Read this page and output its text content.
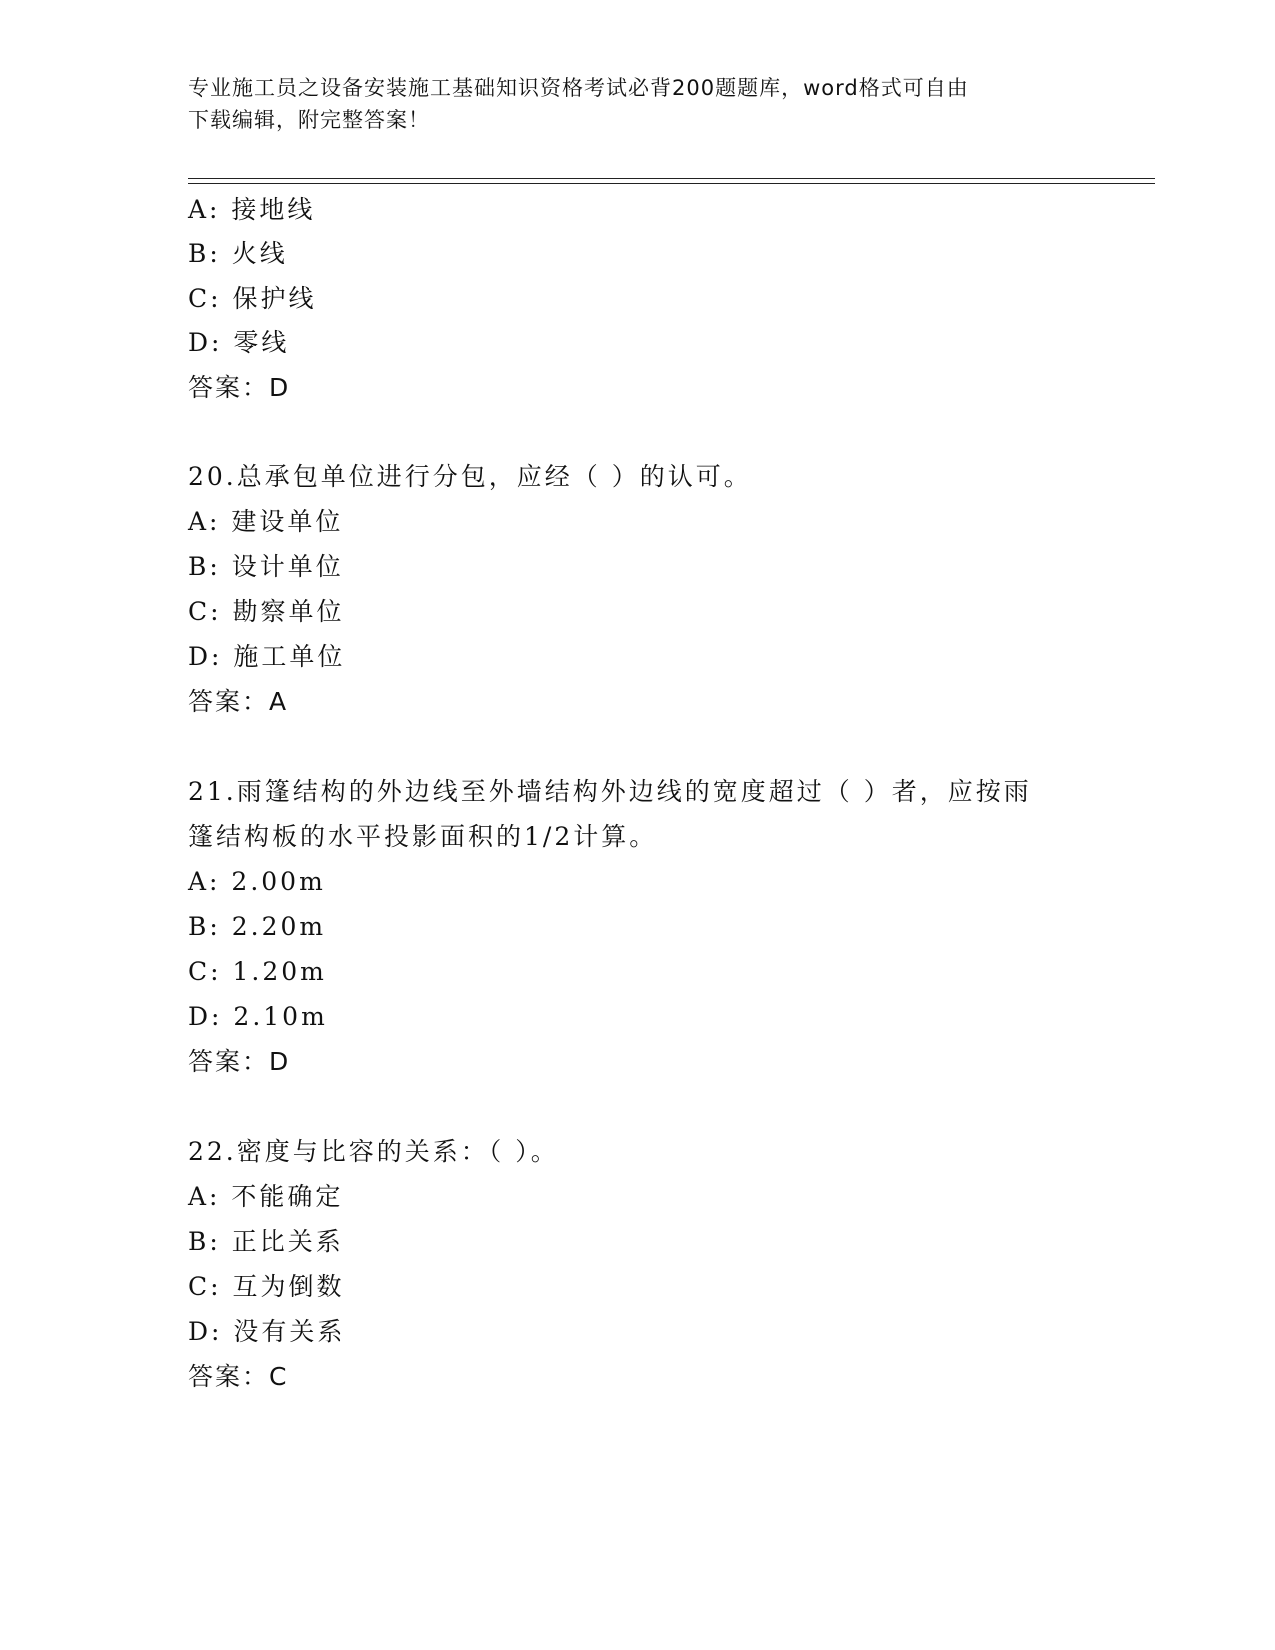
专业施工员之设备安装施工基础知识资格考试必背200题题库，word格式可自由
下载编辑，附完整答案！
A: 接地线
B: 火线
C: 保护线
D: 零线
答案：D
20.总承包单位进行分包，应经（ ）的认可。
A: 建设单位
B: 设计单位
C: 勘察单位
D: 施工单位
答案：A
21.雨篷结构的外边线至外墙结构外边线的宽度超过（ ）者，应按雨
篷结构板的水平投影面积的1/2计算。
A: 2.00m
B: 2.20m
C: 1.20m
D: 2.10m
答案：D
22.密度与比容的关系：（ ）。
A: 不能确定
B: 正比关系
C: 互为倒数
D: 没有关系
答案：C
